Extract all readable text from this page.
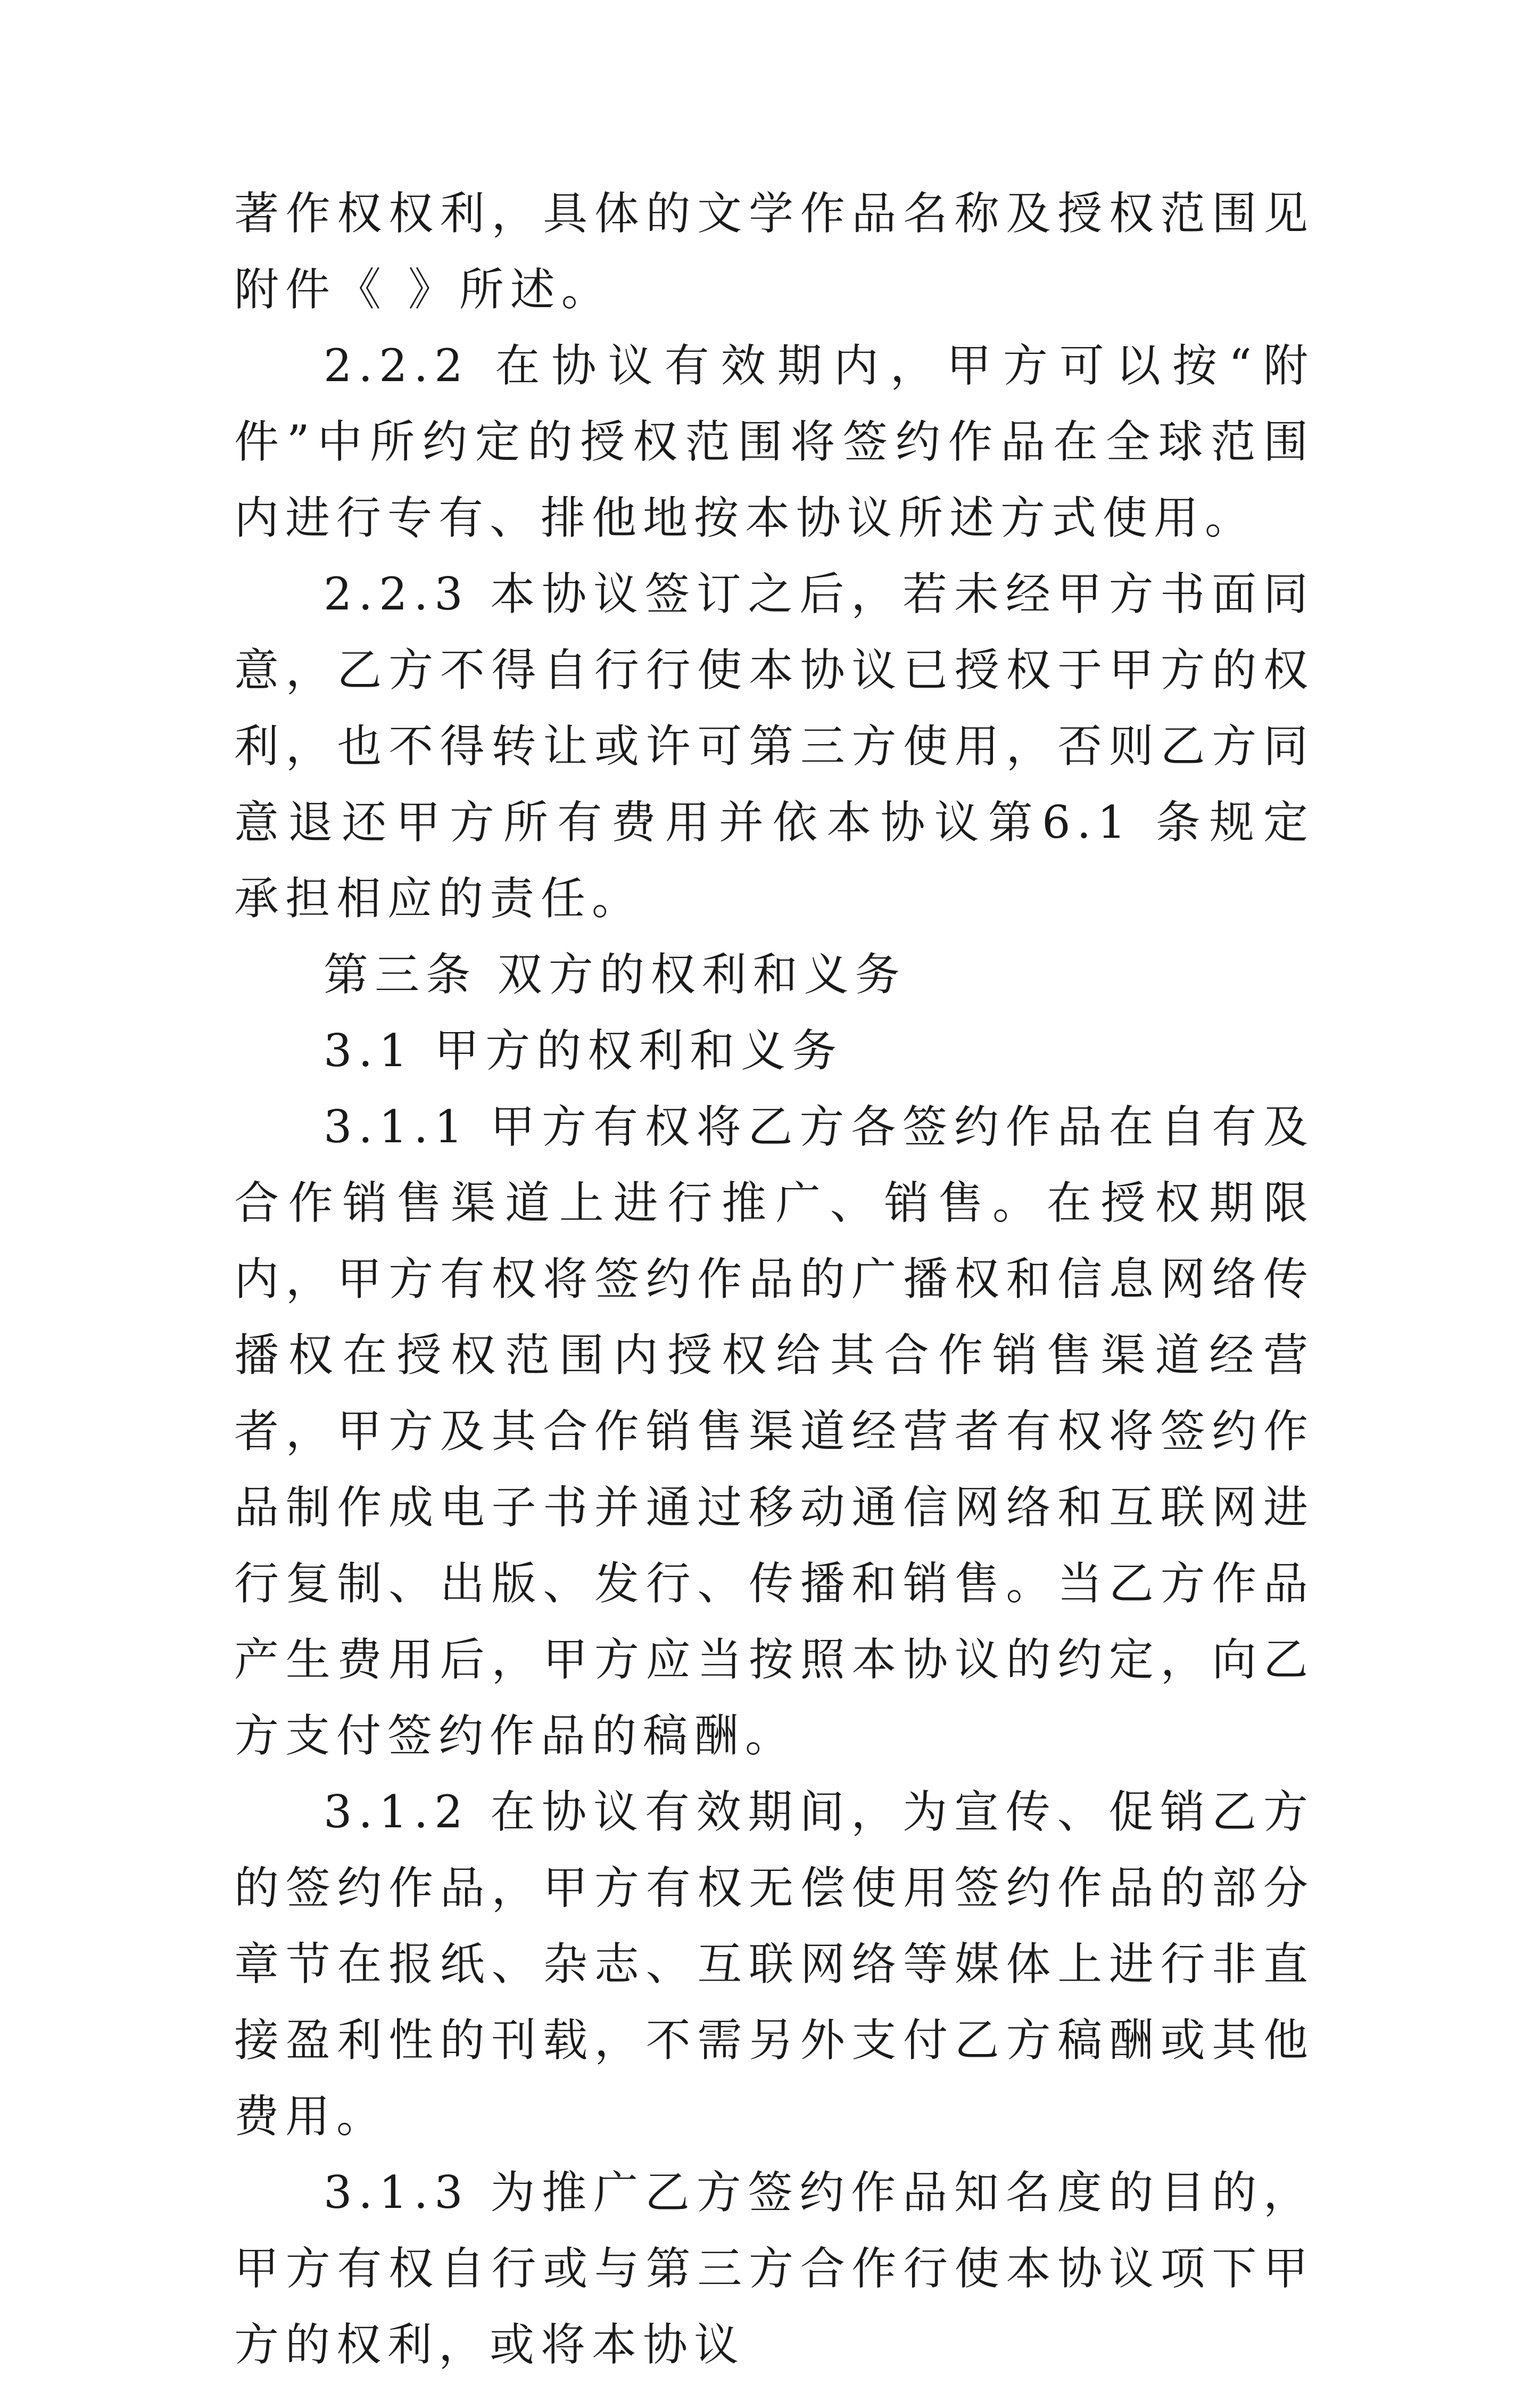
著作权权利，具体的文学作品名称及授权范围见附件《 》所述。

2.2.2 在协议有效期内，甲方可以按“附件”中所约定的授权范围将签约作品在全球范围内进行专有、排他地按本协议所述方式使用。

2.2.3 本协议签订之后，若未经甲方书面同意，乙方不得自行行使本协议已授权于甲方的权利，也不得转让或许可第三方使用，否则乙方同意退还甲方所有费用并依本协议第6.1 条规定承担相应的责任。

第三条 双方的权利和义务

3.1 甲方的权利和义务

3.1.1 甲方有权将乙方各签约作品在自有及合作销售渠道上进行推广、销售。在授权期限内，甲方有权将签约作品的广播权和信息网络传播权在授权范围内授权给其合作销售渠道经营者，甲方及其合作销售渠道经营者有权将签约作品制作成电子书并通过移动通信网络和互联网进行复制、出版、发行、传播和销售。当乙方作品产生费用后，甲方应当按照本协议的约定，向乙方支付签约作品的稿酬。

3.1.2 在协议有效期间，为宣传、促销乙方的签约作品，甲方有权无偿使用签约作品的部分章节在报纸、杂志、互联网络等媒体上进行非直接盈利性的刊载，不需另外支付乙方稿酬或其他费用。

3.1.3 为推广乙方签约作品知名度的目的，甲方有权自行或与第三方合作行使本协议项下甲方的权利，或将本协议
